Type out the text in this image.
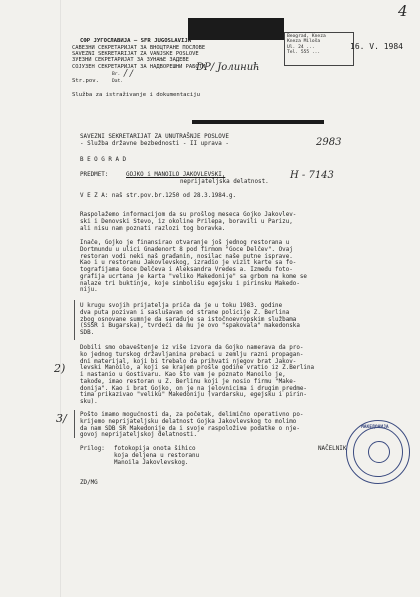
4
СФР ЈУГОСЛАВИЈА — SFR JUGOSLAVIJA
САВЕЗНИ СЕКРЕТАРИЈАТ ЗА ВНОЦТРАНЕ ПОСЛОВЕ
SAVEZNI SEKRETARIJAT ZA VANJSKE POSLOVE
ЗУЕЗНИ СЕКРЕТАРИЈАТ ЗА ЗУНАЊЕ ЗАДЕВЕ
СОЈУЗЕН СЕКРЕТАРИЈАТ ЗА НАДВОРЕШНИ РАБОТИ
Str.pov.
Br.
Dat.
/ ∕
Služba za istraživanje i dokumentaciju
DP/ Јолинић
Beograd, Kneza
Kneza Miloša
Ul. 24 ...
Tel. 555 ...
16. V. 1984
SAVEZNI SEKRETARIJAT ZA UNUTRAŠNJE POSLOVE
- Služba državne bezbednosti - II uprava -	2983
B E O G R A D
PREDMET:	GOJKO i MANOILO JAKOVLEVSKI,
neprijateljska delatnost.
H - 7143
V E Z A: naš str.pov.br.1250 od 28.3.1984.g.
Raspolažemo informacijom da su prošlog meseca Gojko Jakovlev-
ski i Denovski Stevo, iz okoline Prilepa, boravili u Parizu,
ali nisu nam poznati razlozi tog boravka.
Inače, Gojko je finansirao otvaranje još jednog restorana u
Dortmundu u ulici Gnadenort 8 pod firmom "Goce Delčev". Ovaj
restoran vodi neki naš građanin, nosilac naše putne isprave.
Kao i u restoranu Jakovlevskog, izradio je vizit karte sa fo-
tografijama Goce Delčeva i Aleksandra Vredes a. Između foto-
grafija ucrtana je karta "veliko Makedonije" sa grbom na kome se
nalaze tri buktinje, koje simbolišu egejsku i pirinsku Makedo-
niju.
U krugu svojih prijatelja priča da je u toku 1983. godine
dva puta pozivan i saslušavan od strane policije Z. Berlina
zbog osnovane sumnje da sarađuje sa istočnoevropskim službama
(SSSR i Bugarska), tvrdeći da mu je ovo "spakovala" makedonska
SDB.
Dobili smo obaveštenje iz više izvora da Gojko namerava da pro-
ko jednog turskog državljanina prebaci u zemlju razni propagan-
dni materijal, koji bi trebalo da prihvati njegov brat Jakov-
levski Manoilo, a koji se krajem prošle godine vratio iz Z.Berlina
i nastanio u Gostivaru. Kao što vam je poznato Manoilo je,
takođe, imao restoran u Z. Berlinu koji je nosio firmu "Make-
donija". Kao i brat Gojko, on je na jelovnicima i drugim predme-
tima prikazivao "veliku" Makedoniju (vardarsku, egejsku i pirin-
sku).
Pošto imamo mogućnosti da, za početak, delimično operativno po-
krijemo neprijateljsku delatnost Gojka Jakovlevskog to molimo
da nam SDB SR Makedonije da i svoje raspoložive podatke o nje-
govoj neprijateljskoj delatnosti.
2)
3/
Prilog: fotokopija onota šihico
koja deljena u restoranu
Manoila Jakovlevskog.
ZD/MG
NAČELNIK
МАКЕДОНИЈА
